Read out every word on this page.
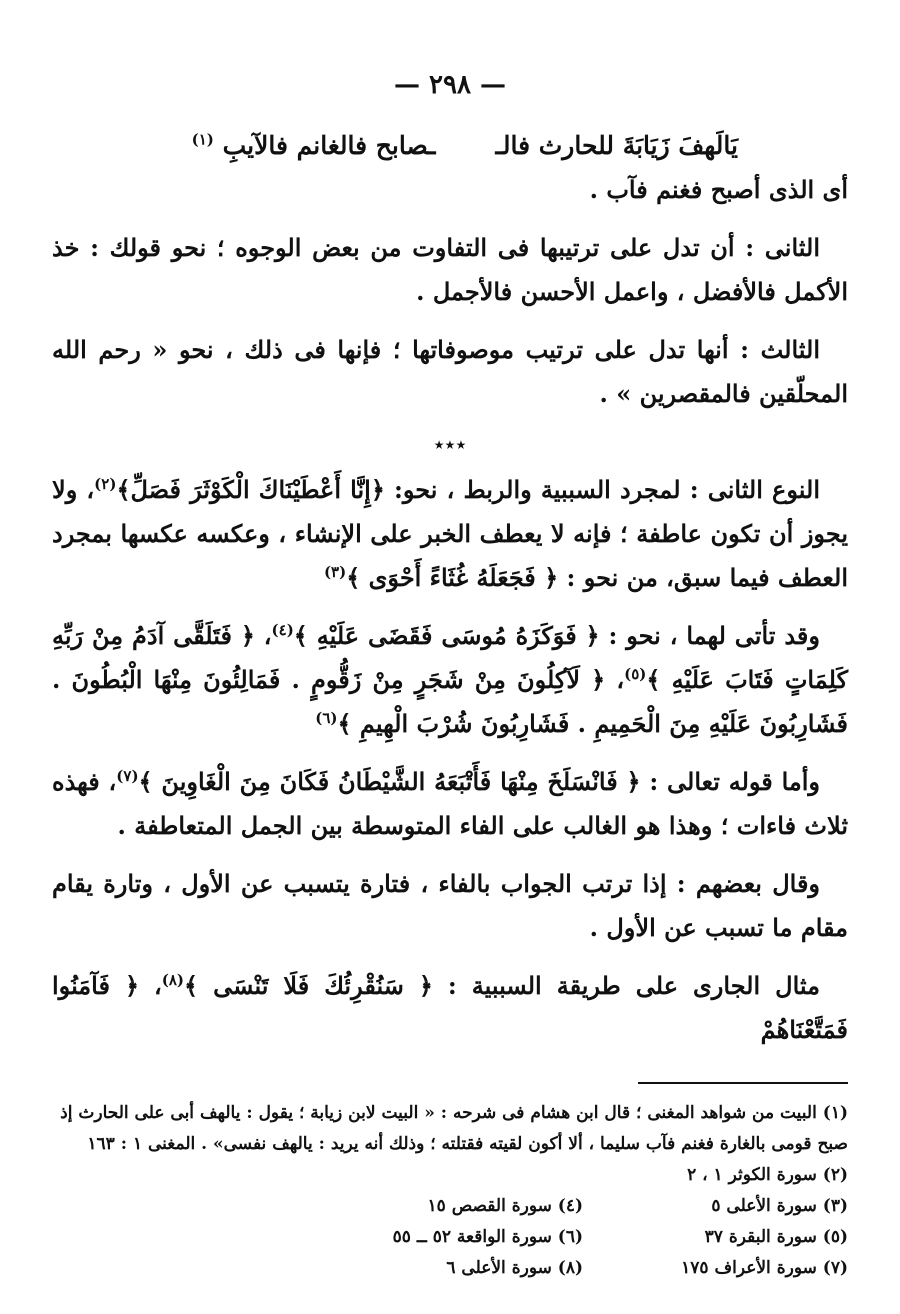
— ٢٩٨ —
يَالَهفَ زَيَابَةَ للحارث فالــصابح فالغانم فالآيبِ $^{(١)}$

أى الذى أصبح فغنم فآب .

الثانى : أن تدل على ترتيبها فى التفاوت من بعض الوجوه ؛ نحو قولك : خذ الأكمل فالأفضل ، واعمل الأحسن فالأجمل .

الثالث : أنها تدل على ترتيب موصوفاتها ؛ فإنها فى ذلك ، نحو « رحم الله المحلّقين فالمقصرين » .

٭٭٭

النوع الثانى : لمجرد السببية والربط ، نحو: ﴿إِنَّا أَعْطَيْنَاكَ الْكَوْثَرَ فَصَلِّ﴾$^{(٢)}$، ولا يجوز أن تكون عاطفة ؛ فإنه لا يعطف الخبر على الإنشاء ، وعكسه عكسها بمجرد العطف فيما سبق، من نحو : ﴿ فَجَعَلَهُ غُثَاءً أَحْوَى ﴾$^{(٣)}$

وقد تأتى لهما ، نحو : ﴿ فَوَكَزَهُ مُوسَى فَقَضَى عَلَيْهِ ﴾$^{(٤)}$، ﴿ فَتَلَقَّى آدَمُ مِنْ رَبِّهِ كَلِمَاتٍ فَتَابَ عَلَيْهِ ﴾$^{(٥)}$، ﴿ لَآكِلُونَ مِنْ شَجَرٍ مِنْ زَقُّومٍ . فَمَالِئُونَ مِنْهَا الْبُطُونَ . فَشَارِبُونَ عَلَيْهِ مِنَ الْحَمِيمِ . فَشَارِبُونَ شُرْبَ الْهِيمِ ﴾$^{(٦)}$

وأما قوله تعالى : ﴿ فَانْسَلَخَ مِنْهَا فَأَتْبَعَهُ الشَّيْطَانُ فَكَانَ مِنَ الْغَاوِينَ ﴾$^{(٧)}$، فهذه ثلاث فاءات ؛ وهذا هو الغالب على الفاء المتوسطة بين الجمل المتعاطفة .

وقال بعضهم : إذا ترتب الجواب بالفاء ، فتارة يتسبب عن الأول ، وتارة يقام مقام ما تسبب عن الأول .

مثال الجارى على طريقة السببية : ﴿ سَنُقْرِئُكَ فَلَا تَنْسَى ﴾$^{(٨)}$، ﴿ فَآمَنُوا فَمَتَّعْنَاهُمْ

(١) البيت من شواهد المغنى ؛ قال ابن هشام فى شرحه : « البيت لابن زيابة ؛ يقول : يالهف أبى على الحارث إذ صبح قومى بالغارة فغنم فآب سليما ، ألا أكون لقيته فقتلته ؛ وذلك أنه يريد : يالهف نفسى» . المغنى ١ : ١٦٣

(٢) سورة الكوثر ١ ، ٢
(٣) سورة الأعلى ٥
(٤) سورة القصص ١٥
(٥) سورة البقرة ٣٧
(٦) سورة الواقعة ٥٢ ــ ٥٥
(٧) سورة الأعراف ١٧٥
(٨) سورة الأعلى ٦
